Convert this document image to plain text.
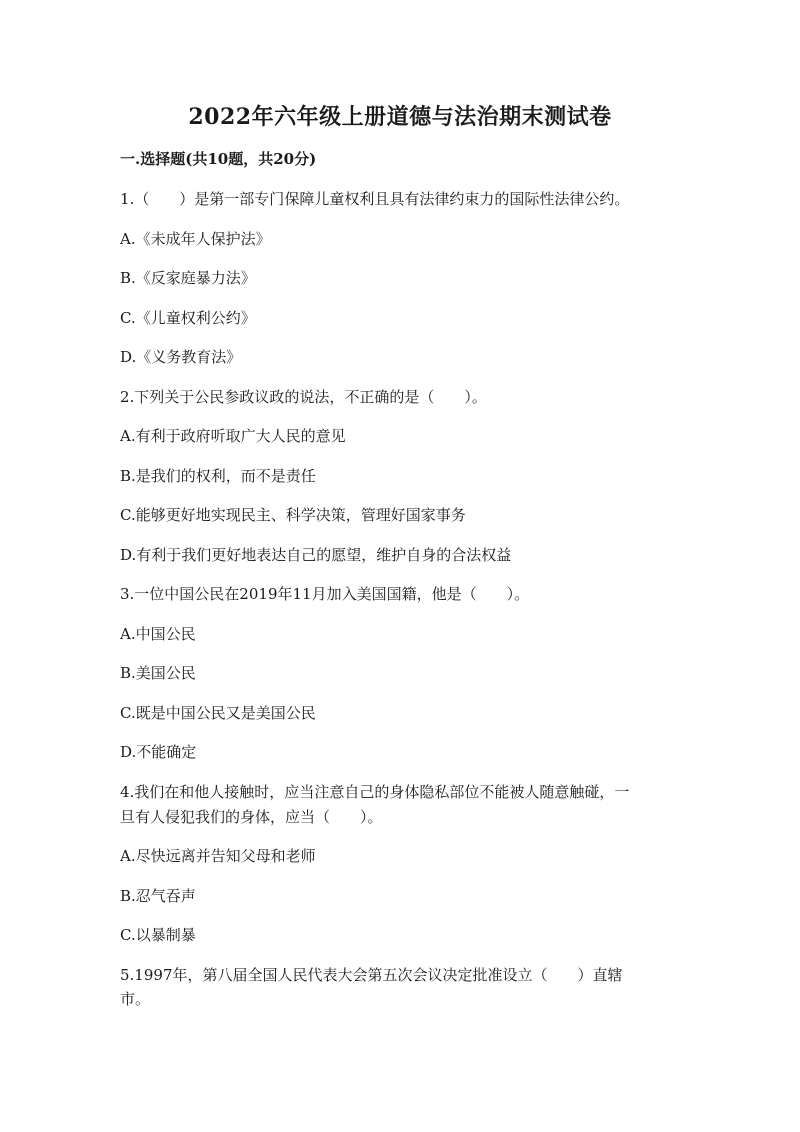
2022年六年级上册道德与法治期末测试卷
一.选择题(共10题，共20分)
1.（　　）是第一部专门保障儿童权利且具有法律约束力的国际性法律公约。
A.《未成年人保护法》
B.《反家庭暴力法》
C.《儿童权利公约》
D.《义务教育法》
2.下列关于公民参政议政的说法，不正确的是（　　）。
A.有利于政府听取广大人民的意见
B.是我们的权利，而不是责任
C.能够更好地实现民主、科学决策，管理好国家事务
D.有利于我们更好地表达自己的愿望，维护自身的合法权益
3.一位中国公民在2019年11月加入美国国籍，他是（　　）。
A.中国公民
B.美国公民
C.既是中国公民又是美国公民
D.不能确定
4.我们在和他人接触时，应当注意自己的身体隐私部位不能被人随意触碰，一
旦有人侵犯我们的身体，应当（　　）。
A.尽快远离并告知父母和老师
B.忍气吞声
C.以暴制暴
5.1997年，第八届全国人民代表大会第五次会议决定批准设立（　　）直辖
市。
